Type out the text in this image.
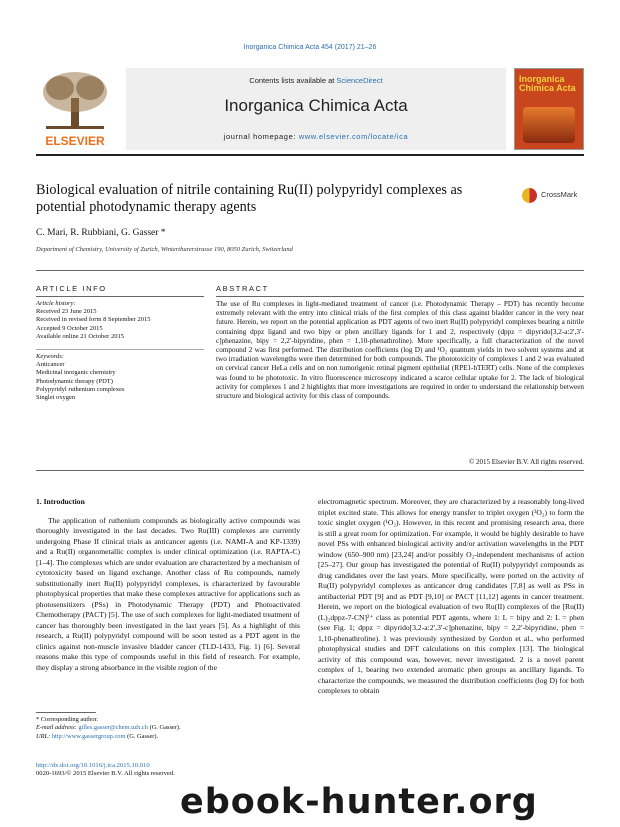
Inorganica Chimica Acta 454 (2017) 21–26
ELSEVIER
Contents lists available at ScienceDirect
Inorganica Chimica Acta
journal homepage: www.elsevier.com/locate/ica
Inorganica Chimica Acta
Biological evaluation of nitrile containing Ru(II) polypyridyl complexes as potential photodynamic therapy agents
CrossMark
C. Mari, R. Rubbiani, G. Gasser *
Department of Chemistry, University of Zurich, Winterthurerstrasse 190, 8050 Zurich, Switzerland
ARTICLE INFO	ABSTRACT
Article history:
Received 23 June 2015
Received in revised form 8 September 2015
Accepted 9 October 2015
Available online 21 October 2015
Keywords:
Anticancer
Medicinal inorganic chemistry
Photodynamic therapy (PDT)
Polypyridyl ruthenium complexes
Singlet oxygen
The use of Ru complexes in light-mediated treatment of cancer (i.e. Photodynamic Therapy – PDT) has recently become extremely relevant with the entry into clinical trials of the first complex of this class against bladder cancer in the very near future. Herein, we report on the potential application as PDT agents of two inert Ru(II) polypyridyl complexes bearing a nitrile containing dppz ligand and two bipy or phen ancillary ligands for 1 and 2, respectively (dppz = dipyrido[3,2-a:2′,3′-c]phenazine, bipy = 2,2′-bipyridine, phen = 1,10-phenathroline). More specifically, a full characterization of the novel compound 2 was first performed. The distribution coefficients (log D) and ¹O₂ quantum yields in two solvent systems and at two irradiation wavelengths were then determined for both compounds. The phototoxicity of complexes 1 and 2 was evaluated on cervical cancer HeLa cells and on non tumorigenic retinal pigment epithelial (RPE1-hTERT) cells. None of the complexes was found to be phototoxic. In vitro fluorescence microscopy indicated a scarce cellular uptake for 2. The lack of biological activity for complexes 1 and 2 highlights that more investigations are required in order to understand the relationship between structure and biological activity for this class of compounds.
© 2015 Elsevier B.V. All rights reserved.
1. Introduction

The application of ruthenium compounds as biologically active compounds was thoroughly investigated in the last decades. Two Ru(III) complexes are currently undergoing Phase II clinical trials as anticancer agents (i.e. NAMI-A and KP-1339) and a Ru(II) organometallic complex is under clinical optimization (i.e. RAPTA-C) [1–4]. The complexes which are under evaluation are characterized by a mechanism of cytotoxicity based on ligand exchange. Another class of Ru compounds, namely substitutionally inert Ru(II) polypyridyl complexes, is characterized by favourable photophysical properties that make these complexes attractive for applications such as photosensitizers (PSs) in Photodynamic Therapy (PDT) and Photoactivated Chemotherapy (PACT) [5]. The use of such complexes for light-mediated treatment of cancer has thoroughly been investigated in the last years [5]. As a highlight of this research, a Ru(II) polypyridyl compound will be soon tested as a PDT agent in the clinics against non-muscle invasive bladder cancer (TLD-1433, Fig. 1) [6]. Several reasons make this type of compounds useful in this field of research. For example, they display a strong absorbance in the visible region of the

electromagnetic spectrum. Moreover, they are characterized by a reasonably long-lived triplet excited state. This allows for energy transfer to triplet oxygen (³O₂) to form the toxic singlet oxygen (¹O₂). However, in this recent and promising research area, there is still a great room for optimization. For example, it would be highly desirable to have novel PSs with enhanced biological activity and/or activation wavelengths in the PDT window (650–900 nm) [23,24] and/or possibly O₂-independent mechanisms of action [25–27]. Our group has investigated the potential of Ru(II) polypyridyl compounds as drug candidates over the last years. More specifically, were ported on the activity of Ru(II) polypyridyl complexes as anticancer drug candidates [7,8] as well as PSs in antibacterial PDT [9] and as PDT [9,10] or PACT [11,12] agents in cancer treatment. Herein, we report on the biological evaluation of two Ru(II) complexes of the [Ru(II)(L)₂dppz-7-CN]²⁺ class as potential PDT agents, where 1: L = bipy and 2: L = phen (see Fig. 1; dppz = dipyrido[3,2-a:2′,3′-c]phenazine, bipy = 2,2′-bipyridine, phen = 1,10-phenathroline). 1 was previously synthesized by Gordon et al., who performed photophysical studies and DFT calculations on this complex [13]. The biological activity of this compound was, however, never investigated. 2 is a novel parent complex of 1, bearing two extended aromatic phen groups as ancillary ligands. To characterize the compounds, we measured the distribution coefficients (log D) for both complexes to obtain

* Corresponding author.
E-mail address: gilles.gasser@chem.uzh.ch (G. Gasser).
URL: http://www.gassergroup.com (G. Gasser).
http://dx.doi.org/10.1016/j.ica.2015.10.010
0020-1693/© 2015 Elsevier B.V. All rights reserved.
ebook-hunter.org
